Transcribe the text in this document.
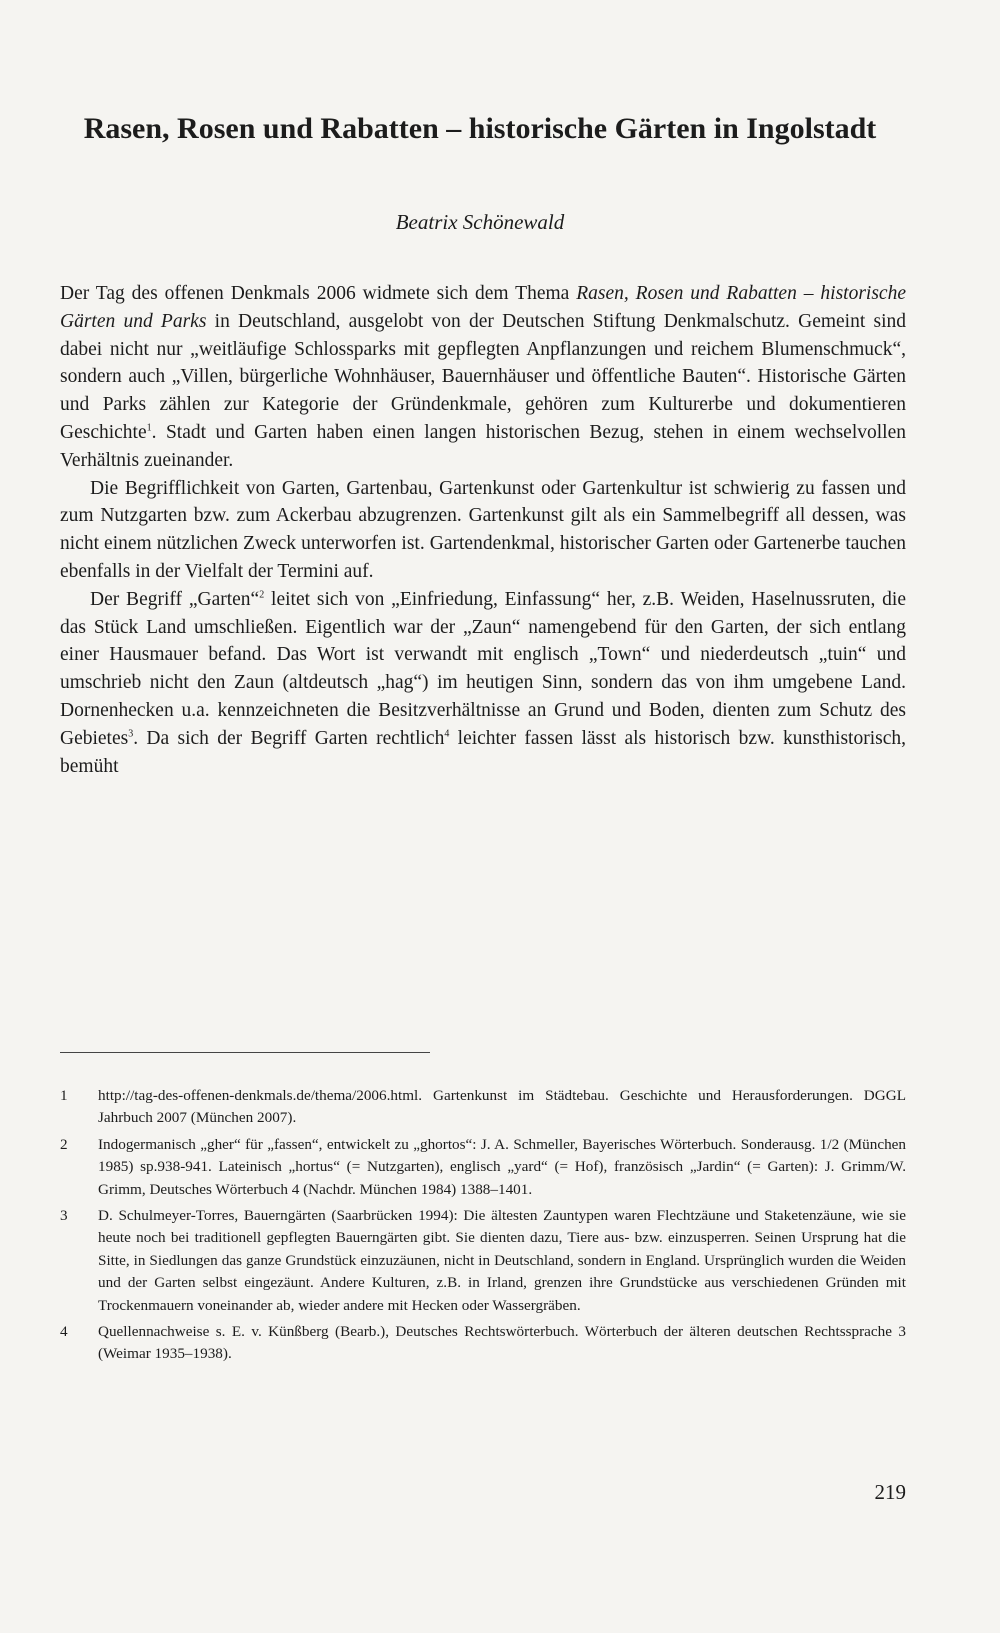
Rasen, Rosen und Rabatten – historische Gärten in Ingolstadt
Beatrix Schönewald

Der Tag des offenen Denkmals 2006 widmete sich dem Thema Rasen, Rosen und Rabatten – historische Gärten und Parks in Deutschland, ausgelobt von der Deutschen Stiftung Denkmalschutz. Gemeint sind dabei nicht nur „weitläufige Schlossparks mit gepflegten Anpflanzungen und reichem Blumenschmuck“, sondern auch „Villen, bürgerliche Wohnhäuser, Bauernhäuser und öffentliche Bauten“. Historische Gärten und Parks zählen zur Kategorie der Gründenkmale, gehören zum Kulturerbe und dokumentieren Geschichte$^1$. Stadt und Garten haben einen langen historischen Bezug, stehen in einem wechselvollen Verhältnis zueinander.

Die Begrifflichkeit von Garten, Gartenbau, Gartenkunst oder Gartenkultur ist schwierig zu fassen und zum Nutzgarten bzw. zum Ackerbau abzugrenzen. Gartenkunst gilt als ein Sammelbegriff all dessen, was nicht einem nützlichen Zweck unterworfen ist. Gartendenkmal, historischer Garten oder Gartenerbe tauchen ebenfalls in der Vielfalt der Termini auf.

Der Begriff „Garten“$^2$ leitet sich von „Einfriedung, Einfassung“ her, z.B. Weiden, Haselnussruten, die das Stück Land umschließen. Eigentlich war der „Zaun“ namengebend für den Garten, der sich entlang einer Hausmauer befand. Das Wort ist verwandt mit englisch „Town“ und niederdeutsch „tuin“ und umschrieb nicht den Zaun (altdeutsch „hag“) im heutigen Sinn, sondern das von ihm umgebene Land. Dornenhecken u.a. kennzeichneten die Besitzverhältnisse an Grund und Boden, dienten zum Schutz des Gebietes$^3$. Da sich der Begriff Garten rechtlich$^4$ leichter fassen lässt als historisch bzw. kunsthistorisch, bemüht

1 http://tag-des-offenen-denkmals.de/thema/2006.html. Gartenkunst im Städtebau. Geschichte und Herausforderungen. DGGL Jahrbuch 2007 (München 2007).
2 Indogermanisch „gher“ für „fassen“, entwickelt zu „ghortos“: J. A. Schmeller, Bayerisches Wörterbuch. Sonderausg. 1/2 (München 1985) sp.938-941. Lateinisch „hortus“ (= Nutzgarten), englisch „yard“ (= Hof), französisch „Jardin“ (= Garten): J. Grimm/W. Grimm, Deutsches Wörterbuch 4 (Nachdr. München 1984) 1388–1401.
3 D. Schulmeyer-Torres, Bauerngärten (Saarbrücken 1994): Die ältesten Zauntypen waren Flechtzäune und Staketenzäune, wie sie heute noch bei traditionell gepflegten Bauerngärten gibt. Sie dienten dazu, Tiere aus- bzw. einzusperren. Seinen Ursprung hat die Sitte, in Siedlungen das ganze Grundstück einzuzäunen, nicht in Deutschland, sondern in England. Ursprünglich wurden die Weiden und der Garten selbst eingezäunt. Andere Kulturen, z.B. in Irland, grenzen ihre Grundstücke aus verschiedenen Gründen mit Trockenmauern voneinander ab, wieder andere mit Hecken oder Wassergräben.
4 Quellennachweise s. E. v. Künßberg (Bearb.), Deutsches Rechtswörterbuch. Wörterbuch der älteren deutschen Rechtssprache 3 (Weimar 1935–1938).
219
